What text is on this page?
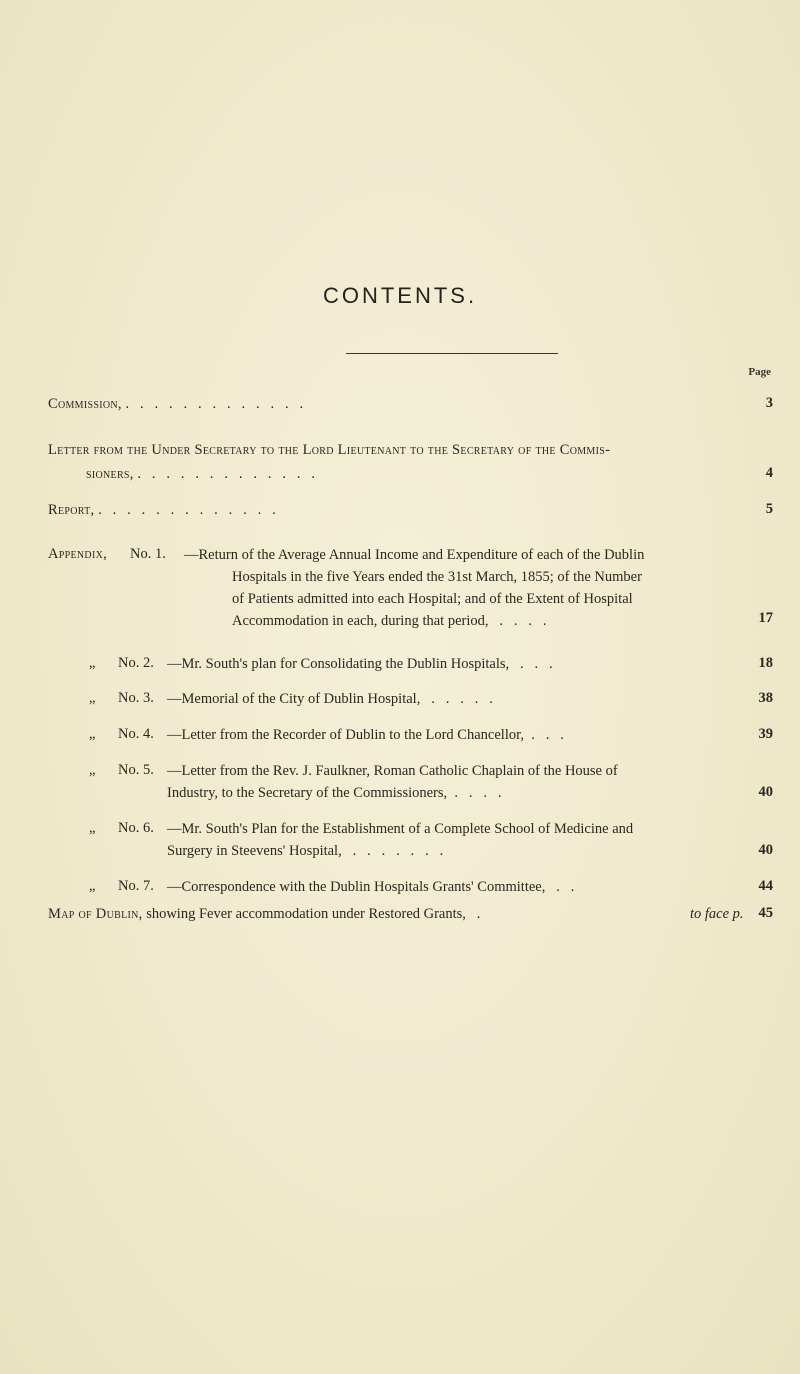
CONTENTS.
Page
Commission, .   .   .   .   .   .   .   .   .   .   .   .   .	3
Letter from the Under Secretary to the Lord Lieutenant to the Secretary of the Commis-
sioners, .   .   .   .   .   .   .   .   .   .   .   .   .	4
Report, .   .   .   .   .   .   .   .   .   .   .   .   .	5
Appendix, No. 1. —Return of the Average Annual Income and Expenditure of each of the Dublin
Hospitals in the five Years ended the 31st March, 1855; of the Number
of Patients admitted into each Hospital; and of the Extent of Hospital
Accommodation in each, during that period,   .   .   .   .	17
„ No. 2. —Mr. South's plan for Consolidating the Dublin Hospitals,   .   .   .	18
„ No. 3. —Memorial of the City of Dublin Hospital,   .   .   .   .   .	38
„ No. 4. —Letter from the Recorder of Dublin to the Lord Chancellor,  .   .   .	39
„ No. 5. —Letter from the Rev. J. Faulkner, Roman Catholic Chaplain of the House of
Industry, to the Secretary of the Commissioners,  .   .   .   .	40
„ No. 6. —Mr. South's Plan for the Establishment of a Complete School of Medicine and
Surgery in Steevens' Hospital,   .   .   .   .   .   .   .	40
„ No. 7. —Correspondence with the Dublin Hospitals Grants' Committee,   .   .	44
Map of Dublin, showing Fever accommodation under Restored Grants,   .	to face p. 45
